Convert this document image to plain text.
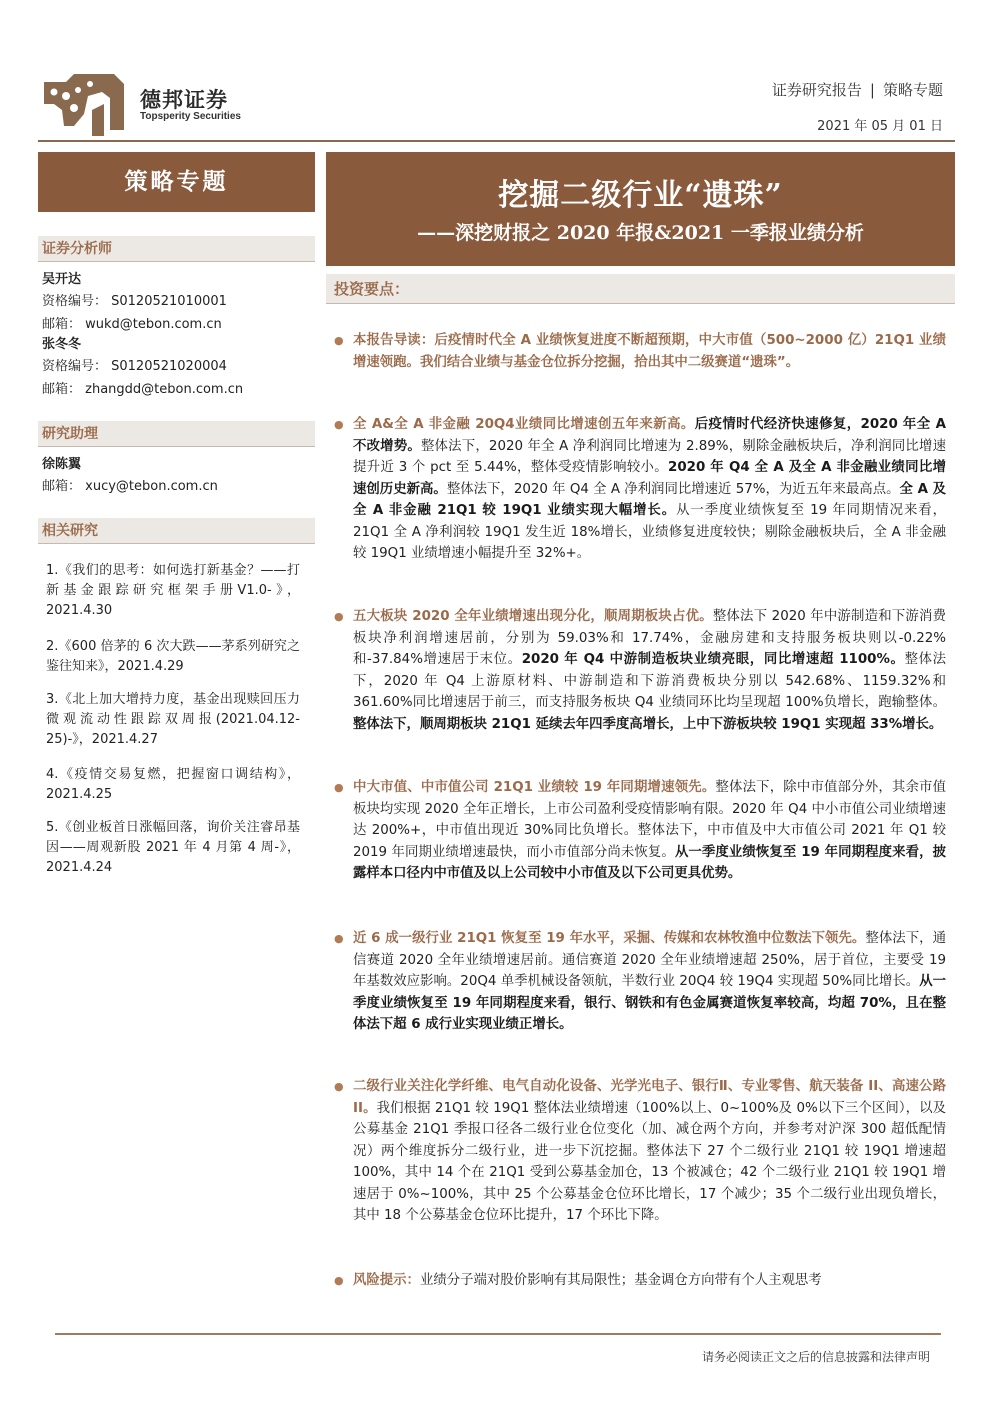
德邦证券
Topsperity Securities
证券研究报告 | 策略专题
2021 年 05 月 01 日
策略专题
证券分析师
吴开达
资格编号： S0120521010001
邮箱： wukd@tebon.com.cn
张冬冬
资格编号： S0120521020004
邮箱： zhangdd@tebon.com.cn
研究助理
徐陈翼
邮箱： xucy@tebon.com.cn
相关研究
1.《我们的思考：如何选打新基金？——打新基金跟踪研究框架手册V1.0-》，2021.4.30
2.《600 倍茅的 6 次大跌——茅系列研究之鉴往知来》，2021.4.29
3.《北上加大增持力度，基金出现赎回压力微观流动性跟踪双周报(2021.04.12-25)-》，2021.4.27
4.《疫情交易复燃，把握窗口调结构》，2021.4.25
5.《创业板首日涨幅回落，询价关注睿昂基因——周观新股 2021 年 4 月第 4 周-》，2021.4.24
挖掘二级行业“遗珠”
——深挖财报之 2020 年报&2021 一季报业绩分析
投资要点：
● 本报告导读：后疫情时代全 A 业绩恢复进度不断超预期，中大市值（500~2000 亿）21Q1 业绩增速领跑。我们结合业绩与基金仓位拆分挖掘，拾出其中二级赛道“遗珠”。
● 全 A&全 A 非金融 20Q4业绩同比增速创五年来新高。后疫情时代经济快速修复，2020 年全 A 不改增势。整体法下，2020 年全 A 净利润同比增速为 2.89%，剔除金融板块后，净利润同比增速提升近 3 个 pct 至 5.44%，整体受疫情影响较小。2020 年 Q4 全 A 及全 A 非金融业绩同比增速创历史新高。整体法下，2020 年 Q4 全 A 净利润同比增速近 57%，为近五年来最高点。全 A 及全 A 非金融 21Q1 较 19Q1 业绩实现大幅增长。从一季度业绩恢复至 19 年同期情况来看，21Q1 全 A 净利润较 19Q1 发生近 18%增长，业绩修复进度较快；剔除金融板块后，全 A 非金融较 19Q1 业绩增速小幅提升至 32%+。
● 五大板块 2020 全年业绩增速出现分化，顺周期板块占优。整体法下 2020 年中游制造和下游消费板块净利润增速居前，分别为 59.03%和 17.74%，金融房建和支持服务板块则以-0.22%和-37.84%增速居于末位。2020 年 Q4 中游制造板块业绩亮眼，同比增速超 1100%。整体法下，2020 年 Q4 上游原材料、中游制造和下游消费板块分别以 542.68%、1159.32%和 361.60%同比增速居于前三，而支持服务板块 Q4 业绩同环比均呈现超 100%负增长，跑输整体。整体法下，顺周期板块 21Q1 延续去年四季度高增长，上中下游板块较 19Q1 实现超 33%增长。
● 中大市值、中市值公司 21Q1 业绩较 19 年同期增速领先。整体法下，除中市值部分外，其余市值板块均实现 2020 全年正增长，上市公司盈利受疫情影响有限。2020 年 Q4 中小市值公司业绩增速达 200%+，中市值出现近 30%同比负增长。整体法下，中市值及中大市值公司 2021 年 Q1 较 2019 年同期业绩增速最快，而小市值部分尚未恢复。从一季度业绩恢复至 19 年同期程度来看，披露样本口径内中市值及以上公司较中小市值及以下公司更具优势。
● 近 6 成一级行业 21Q1 恢复至 19 年水平，采掘、传媒和农林牧渔中位数法下领先。整体法下，通信赛道 2020 全年业绩增速居前。通信赛道 2020 全年业绩增速超 250%，居于首位，主要受 19 年基数效应影响。20Q4 单季机械设备领航，半数行业 20Q4 较 19Q4 实现超 50%同比增长。从一季度业绩恢复至 19 年同期程度来看，银行、钢铁和有色金属赛道恢复率较高，均超 70%，且在整体法下超 6 成行业实现业绩正增长。
● 二级行业关注化学纤维、电气自动化设备、光学光电子、银行Ⅱ、专业零售、航天装备 II、高速公路 II。我们根据 21Q1 较 19Q1 整体法业绩增速（100%以上、0~100%及 0%以下三个区间），以及公募基金 21Q1 季报口径各二级行业仓位变化（加、减仓两个方向，并参考对沪深 300 超低配情况）两个维度拆分二级行业，进一步下沉挖掘。整体法下 27 个二级行业 21Q1 较 19Q1 增速超 100%，其中 14 个在 21Q1 受到公募基金加仓，13 个被减仓；42 个二级行业 21Q1 较 19Q1 增速居于 0%~100%，其中 25 个公募基金仓位环比增长，17 个减少；35 个二级行业出现负增长，其中 18 个公募基金仓位环比提升，17 个环比下降。
● 风险提示：业绩分子端对股价影响有其局限性；基金调仓方向带有个人主观思考
请务必阅读正文之后的信息披露和法律声明
